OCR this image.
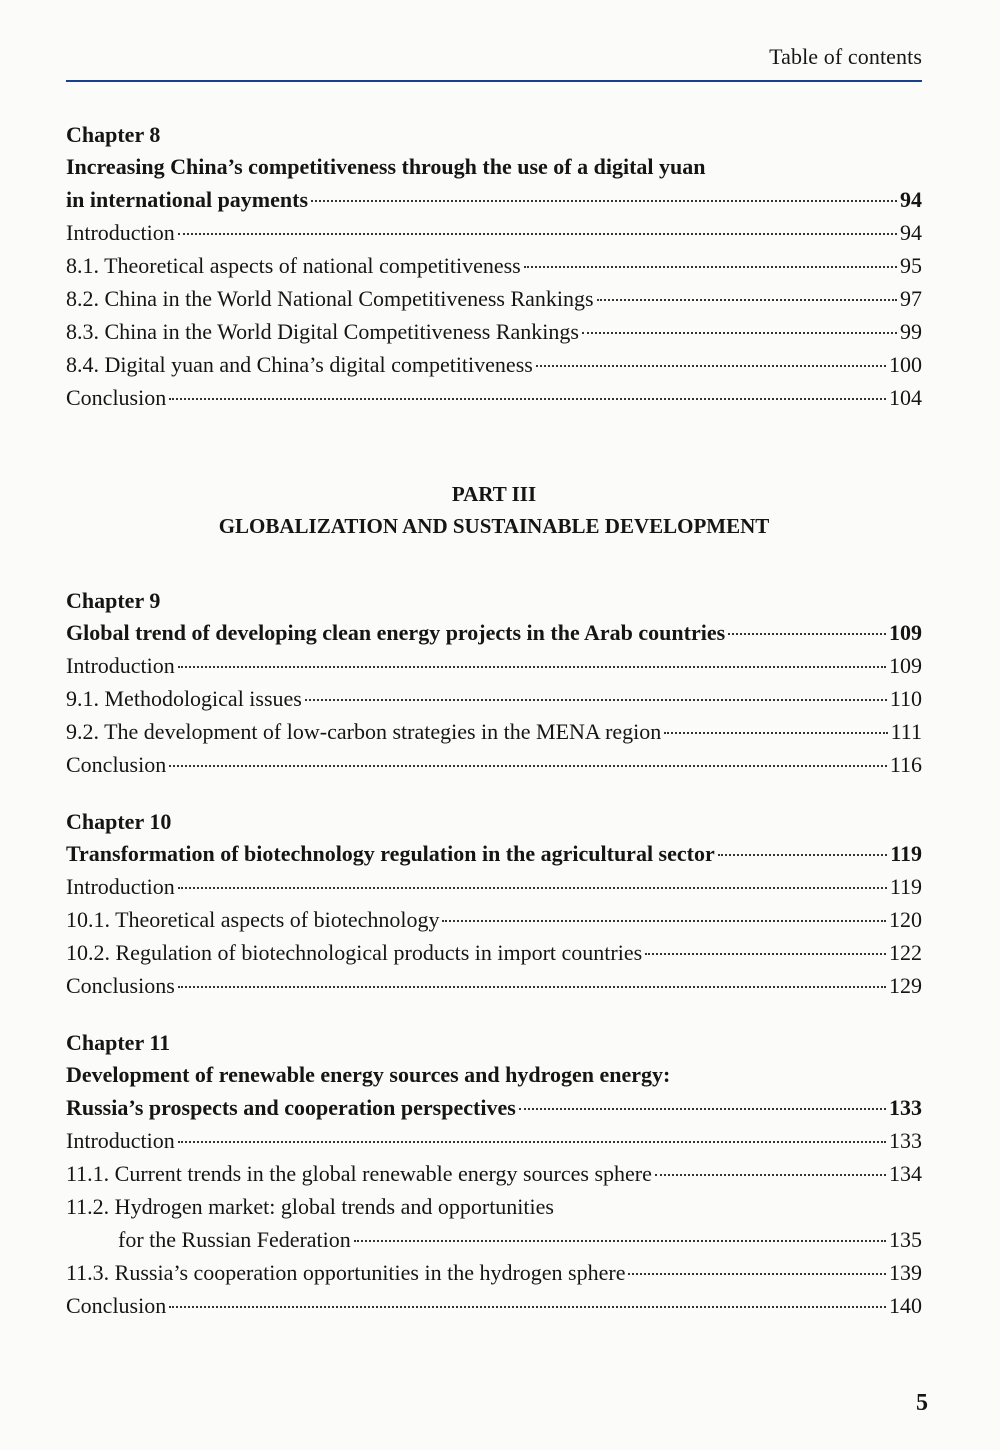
Table of contents
Chapter 8
Increasing China’s competitiveness through the use of a digital yuan
in international payments	94
Introduction	94
8.1. Theoretical aspects of national competitiveness	95
8.2. China in the World National Competitiveness Rankings	97
8.3. China in the World Digital Competitiveness Rankings	99
8.4. Digital yuan and China’s digital competitiveness	100
Conclusion	104
PART III
GLOBALIZATION AND SUSTAINABLE DEVELOPMENT
Chapter 9
Global trend of developing clean energy projects in the Arab countries	109
Introduction	109
9.1. Methodological issues	110
9.2. The development of low-carbon strategies in the MENA region	111
Conclusion	116
Chapter 10
Transformation of biotechnology regulation in the agricultural sector	119
Introduction	119
10.1. Theoretical aspects of biotechnology	120
10.2. Regulation of biotechnological products in import countries	122
Conclusions	129
Chapter 11
Development of renewable energy sources and hydrogen energy:
Russia’s prospects and cooperation perspectives	133
Introduction	133
11.1. Current trends in the global renewable energy sources sphere	134
11.2. Hydrogen market: global trends and opportunities
for the Russian Federation	135
11.3. Russia’s cooperation opportunities in the hydrogen sphere	139
Conclusion	140
5
